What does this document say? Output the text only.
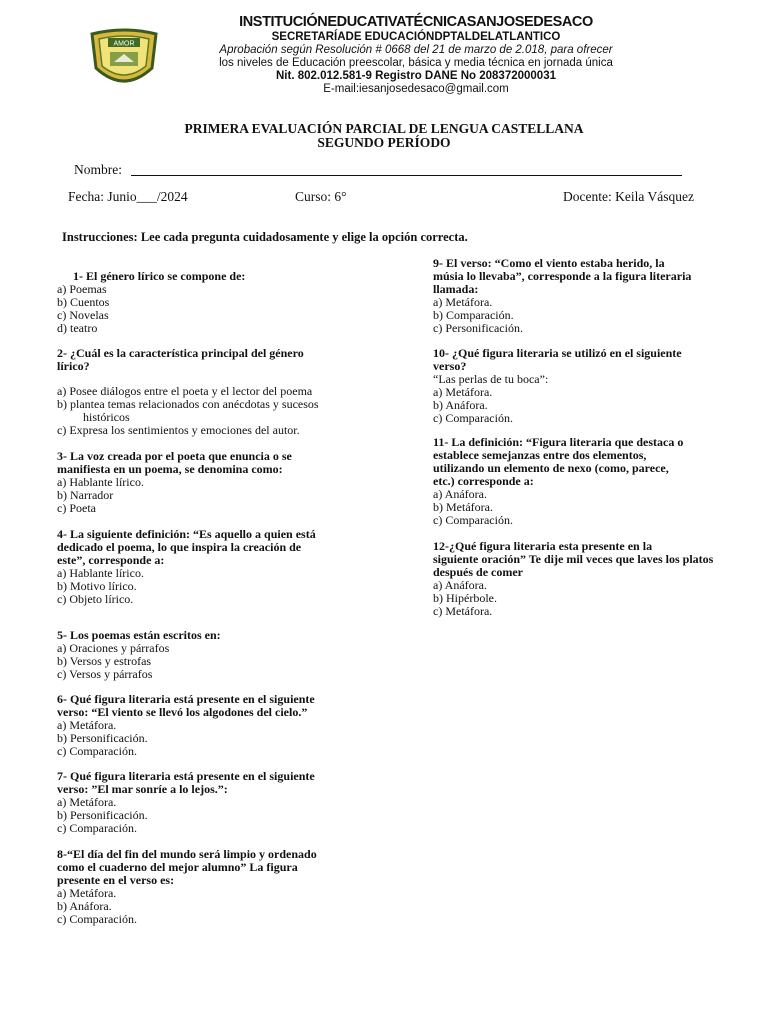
AMOR
INSTITUCIÓNEDUCATIVATÉCNICASANJOSEDESACO
SECRETARÍADE EDUCACIÓNDPTALDELATLANTICO
Aprobación según Resolución # 0668 del 21 de marzo de 2.018, para ofrecer
los niveles de Educación preescolar, básica y media técnica en jornada única
Nit. 802.012.581-9 Registro DANE No 208372000031
E-mail:iesanjosedesaco@gmail.com
PRIMERA EVALUACIÓN PARCIAL DE LENGUA CASTELLANA
SEGUNDO PERÍODO
Nombre:
Fecha: Junio___/2024	Curso: 6°	Docente: Keila Vásquez
Instrucciones: Lee cada pregunta cuidadosamente y elige la opción correcta.
1- El género lírico se compone de:
a) Poemas
b) Cuentos
c) Novelas
d) teatro
2- ¿Cuál es la característica principal del género
lírico?
a) Posee diálogos entre el poeta y el lector del poema
b) plantea temas relacionados con anécdotas y sucesos
históricos
c) Expresa los sentimientos y emociones del autor.
3- La voz creada por el poeta que enuncia o se
manifiesta en un poema, se denomina como:
a) Hablante lírico.
b) Narrador
c) Poeta
4- La siguiente definición: “Es aquello a quien está
dedicado el poema, lo que inspira la creación de
este”, corresponde a:
a) Hablante lírico.
b) Motivo lírico.
c) Objeto lírico.
5- Los poemas están escritos en:
a) Oraciones y párrafos
b) Versos y estrofas
c) Versos y párrafos
6- Qué figura literaria está presente en el siguiente
verso: “El viento se llevó los algodones del cielo.”
a) Metáfora.
b) Personificación.
c) Comparación.
7- Qué figura literaria está presente en el siguiente
verso: ”El mar sonríe a lo lejos.”:
a) Metáfora.
b) Personificación.
c) Comparación.
8-“El día del fin del mundo será limpio y ordenado
como el cuaderno del mejor alumno” La figura
presente en el verso es:
a) Metáfora.
b) Anáfora.
c) Comparación.
9- El verso: “Como el viento estaba herido, la
músia lo llevaba”, corresponde a la figura literaria
llamada:
a) Metáfora.
b) Comparación.
c) Personificación.
10- ¿Qué figura literaria se utilizó en el siguiente
verso?
“Las perlas de tu boca”:
a) Metáfora.
b) Anáfora.
c) Comparación.
11- La definición: “Figura literaria que destaca o
establece semejanzas entre dos elementos,
utilizando un elemento de nexo (como, parece,
etc.) corresponde a:
a) Anáfora.
b) Metáfora.
c) Comparación.
12-¿Qué figura literaria esta presente en la
siguiente oración” Te dije mil veces que laves los platos
después de comer
a) Anáfora.
b) Hipérbole.
c) Metáfora.
